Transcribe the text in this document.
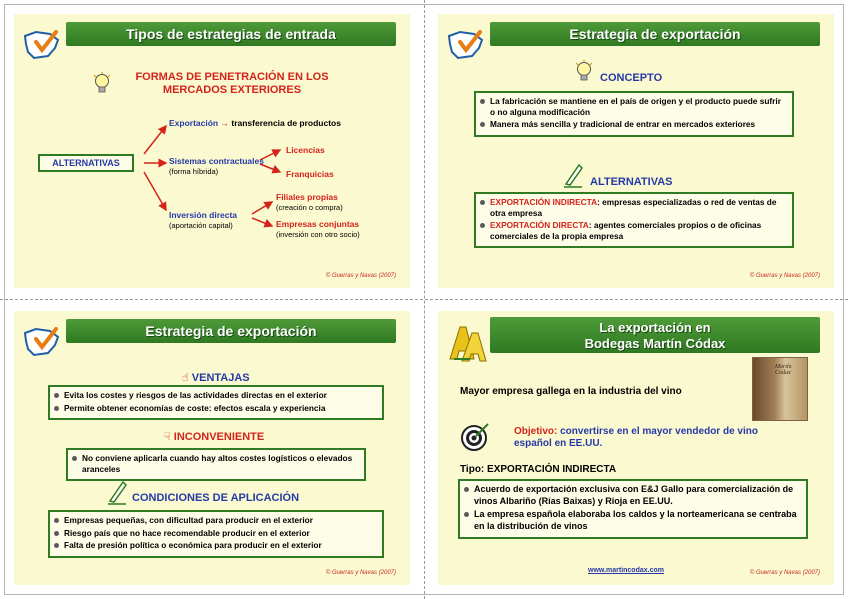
Tipos de estrategias de entrada
FORMAS DE PENETRACIÓN EN LOS
MERCADOS EXTERIORES
ALTERNATIVAS
Exportación → transferencia de productos
Sistemas contractuales
(forma híbrida)
Licencias
Franquicias
Inversión directa
(aportación capital)
Filiales propias
(creación o compra)
Empresas conjuntas
(inversión con otro socio)
© Guerras y Navas (2007)
Estrategia de exportación
CONCEPTO
La fabricación se mantiene en el país de origen y el producto puede sufrir o no alguna modificación
Manera más sencilla y tradicional de entrar en mercados exteriores
ALTERNATIVAS
EXPORTACIÓN INDIRECTA: empresas especializadas o red de ventas de otra empresa
EXPORTACIÓN DIRECTA: agentes comerciales propios o de oficinas comerciales de la propia empresa
© Guerras y Navas (2007)
Estrategia de exportación
☝ VENTAJAS
Evita los costes y riesgos de las actividades directas en el exterior
Permite obtener economías de coste: efectos escala y experiencia
☟ INCONVENIENTE
No conviene aplicarla cuando hay altos costes logísticos o elevados aranceles
CONDICIONES DE APLICACIÓN
Empresas pequeñas, con dificultad para producir en el exterior
Riesgo país que no hace recomendable producir en el exterior
Falta de presión política o económica para producir en el exterior
© Guerras y Navas (2007)
La exportación en
Bodegas Martín Códax
Mayor empresa gallega en la industria del vino
Martín Códax
Objetivo: convertirse en el mayor vendedor de vino español en EE.UU.
Tipo: EXPORTACIÓN INDIRECTA
Acuerdo de exportación exclusiva con E&J Gallo para comercialización de vinos Albariño (Rías Baixas) y Rioja en EE.UU.
La empresa española elaboraba los caldos y la norteamericana se centraba en la distribución de vinos
www.martincodax.com	© Guerras y Navas (2007)
